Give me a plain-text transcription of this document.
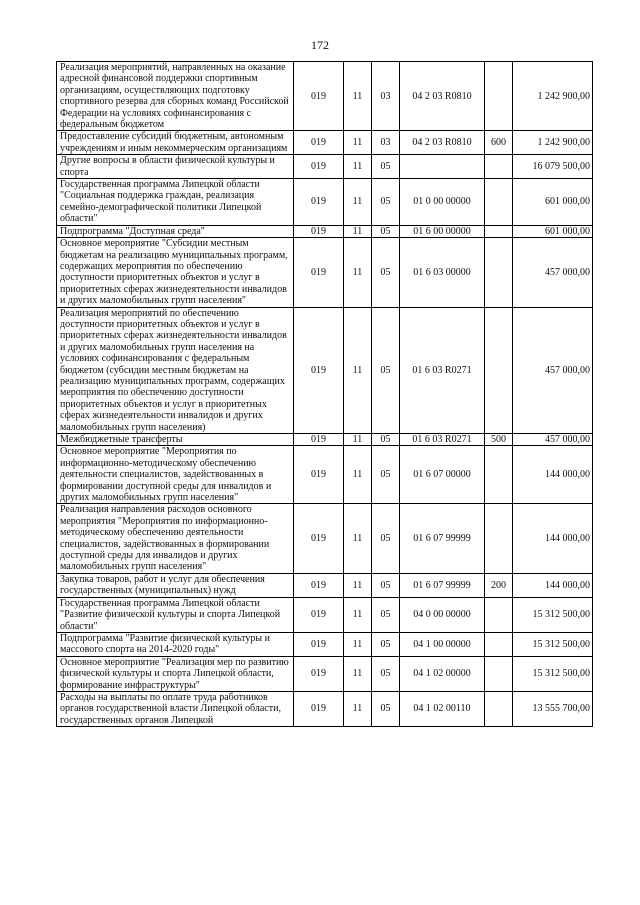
172
Реализация мероприятий, направленных на оказание адресной финансовой поддержки спортивным организациям, осуществляющих подготовку спортивного резерва для сборных команд Российской Федерации на условиях софинансирования с федеральным бюджетом	019	11	03	04 2 03 R0810		1 242 900,00
Предоставление субсидий бюджетным, автономным учреждениям и иным некоммерческим организациям	019	11	03	04 2 03 R0810	600	1 242 900,00
Другие вопросы в области физической культуры и спорта	019	11	05			16 079 500,00
Государственная программа Липецкой области "Социальная поддержка граждан, реализация семейно-демографической политики Липецкой области"	019	11	05	01 0 00 00000		601 000,00
Подпрограмма "Доступная среда"	019	11	05	01 6 00 00000		601 000,00
Основное мероприятие "Субсидии местным бюджетам на реализацию муниципальных программ, содержащих мероприятия по обеспечению доступности приоритетных объектов и услуг в приоритетных сферах жизнедеятельности инвалидов и других маломобильных групп населения"	019	11	05	01 6 03 00000		457 000,00
Реализация мероприятий по обеспечению доступности приоритетных объектов и услуг в приоритетных сферах жизнедеятельности инвалидов и других маломобильных групп населения на условиях софинансирования с федеральным бюджетом (субсидии местным бюджетам на реализацию муниципальных программ, содержащих мероприятия по обеспечению доступности приоритетных объектов и услуг в приоритетных сферах жизнедеятельности инвалидов и других маломобильных групп населения)	019	11	05	01 6 03 R0271		457 000,00
Межбюджетные трансферты	019	11	05	01 6 03 R0271	500	457 000,00
Основное мероприятие "Мероприятия по информационно-методическому обеспечению деятельности специалистов, задействованных в формировании доступной среды для инвалидов и других маломобильных групп населения"	019	11	05	01 6 07 00000		144 000,00
Реализация направления расходов основного мероприятия "Мероприятия по информационно-методическому обеспечению деятельности специалистов, задействованных в формировании доступной среды для инвалидов и других маломобильных групп населения"	019	11	05	01 6 07 99999		144 000,00
Закупка товаров, работ и услуг для обеспечения государственных (муниципальных) нужд	019	11	05	01 6 07 99999	200	144 000,00
Государственная программа Липецкой области "Развитие физической культуры и спорта Липецкой области"	019	11	05	04 0 00 00000		15 312 500,00
Подпрограмма "Развитие физической культуры и массового спорта на 2014-2020 годы"	019	11	05	04 1 00 00000		15 312 500,00
Основное мероприятие "Реализация мер по развитию физической культуры и спорта Липецкой области, формирование инфраструктуры"	019	11	05	04 1 02 00000		15 312 500,00
Расходы на выплаты по оплате труда работников органов государственной власти Липецкой области, государственных органов Липецкой	019	11	05	04 1 02 00110		13 555 700,00
